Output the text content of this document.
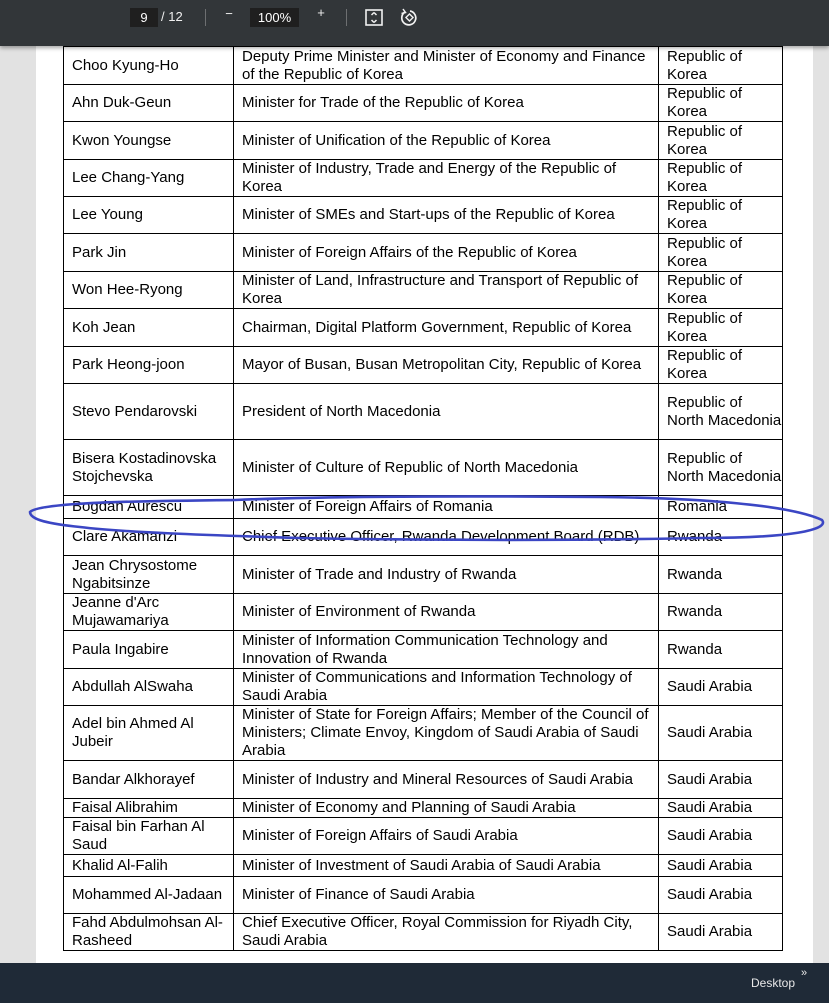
9	/ 12	−	100%	+

Choo Kyung-Ho	Deputy Prime Minister and Minister of Economy and Finance of the Republic of Korea	Republic of Korea
Ahn Duk-Geun	Minister for Trade of the Republic of Korea	Republic of Korea
Kwon Youngse	Minister of Unification of the Republic of Korea	Republic of Korea
Lee Chang-Yang	Minister of Industry, Trade and Energy of the Republic of Korea	Republic of Korea
Lee Young	Minister of SMEs and Start-ups of the Republic of Korea	Republic of Korea
Park Jin	Minister of Foreign Affairs of the Republic of Korea	Republic of Korea
Won Hee-Ryong	Minister of Land, Infrastructure and Transport of Republic of Korea	Republic of Korea
Koh Jean	Chairman, Digital Platform Government, Republic of Korea	Republic of Korea
Park Heong-joon	Mayor of Busan, Busan Metropolitan City, Republic of Korea	Republic of Korea
Stevo Pendarovski	President of North Macedonia	Republic of North Macedonia
Bisera Kostadinovska Stojchevska	Minister of Culture of Republic of North Macedonia	Republic of North Macedonia
Bogdan Aurescu	Minister of Foreign Affairs of Romania	Romania
Clare Akamanzi	Chief Executive Officer, Rwanda Development Board (RDB)	Rwanda
Jean Chrysostome Ngabitsinze	Minister of Trade and Industry of Rwanda	Rwanda
Jeanne d'Arc Mujawamariya	Minister of Environment of Rwanda	Rwanda
Paula Ingabire	Minister of Information Communication Technology and Innovation of Rwanda	Rwanda
Abdullah AlSwaha	Minister of Communications and Information Technology of Saudi Arabia	Saudi Arabia
Adel bin Ahmed Al Jubeir	Minister of State for Foreign Affairs; Member of the Council of Ministers; Climate Envoy, Kingdom of Saudi Arabia of Saudi Arabia	Saudi Arabia
Bandar Alkhorayef	Minister of Industry and Mineral Resources of Saudi Arabia	Saudi Arabia
Faisal Alibrahim	Minister of Economy and Planning of Saudi Arabia	Saudi Arabia
Faisal bin Farhan Al Saud	Minister of Foreign Affairs of Saudi Arabia	Saudi Arabia
Khalid Al-Falih	Minister of Investment of Saudi Arabia of Saudi Arabia	Saudi Arabia
Mohammed Al-Jadaan	Minister of Finance of Saudi Arabia	Saudi Arabia
Fahd Abdulmohsan Al-Rasheed	Chief Executive Officer, Royal Commission for Riyadh City, Saudi Arabia	Saudi Arabia
Desktop
»
